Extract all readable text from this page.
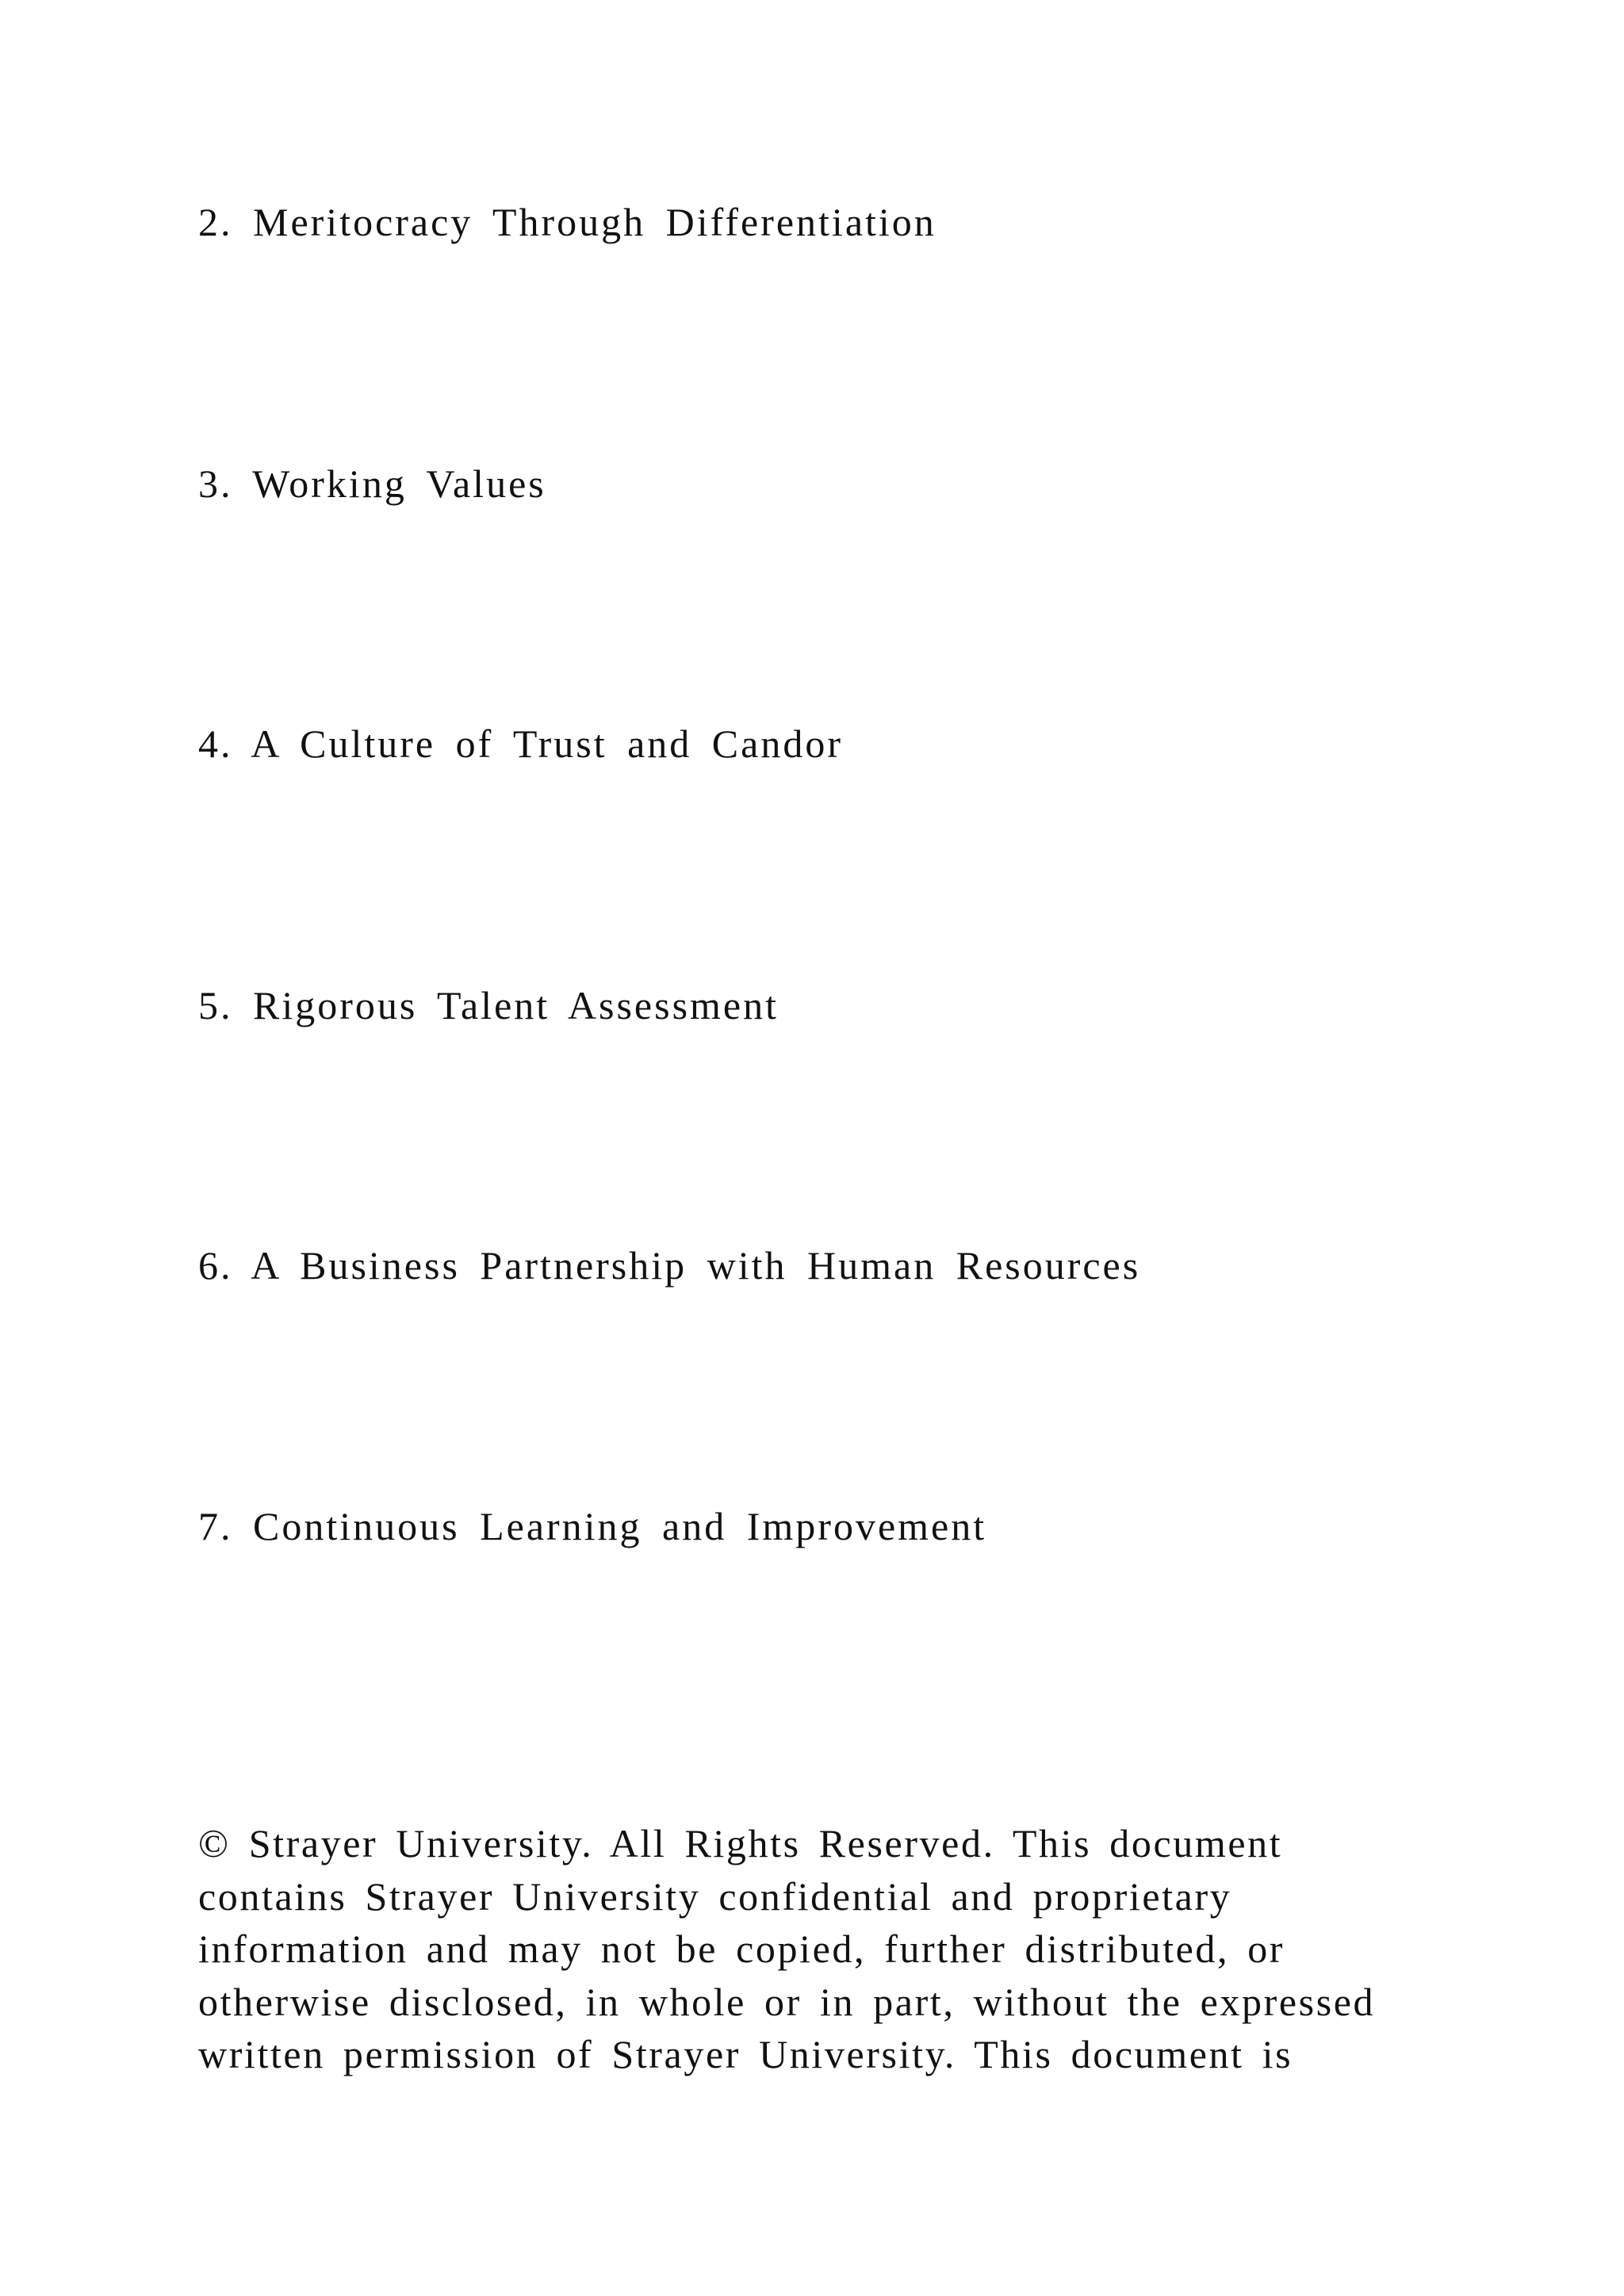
2. Meritocracy Through Differentiation

3. Working Values

4. A Culture of Trust and Candor

5. Rigorous Talent Assessment

6. A Business Partnership with Human Resources

7. Continuous Learning and Improvement

© Strayer University. All Rights Reserved. This document

contains Strayer University confidential and proprietary

information and may not be copied, further distributed, or

otherwise disclosed, in whole or in part, without the expressed

written permission of Strayer University. This document is
